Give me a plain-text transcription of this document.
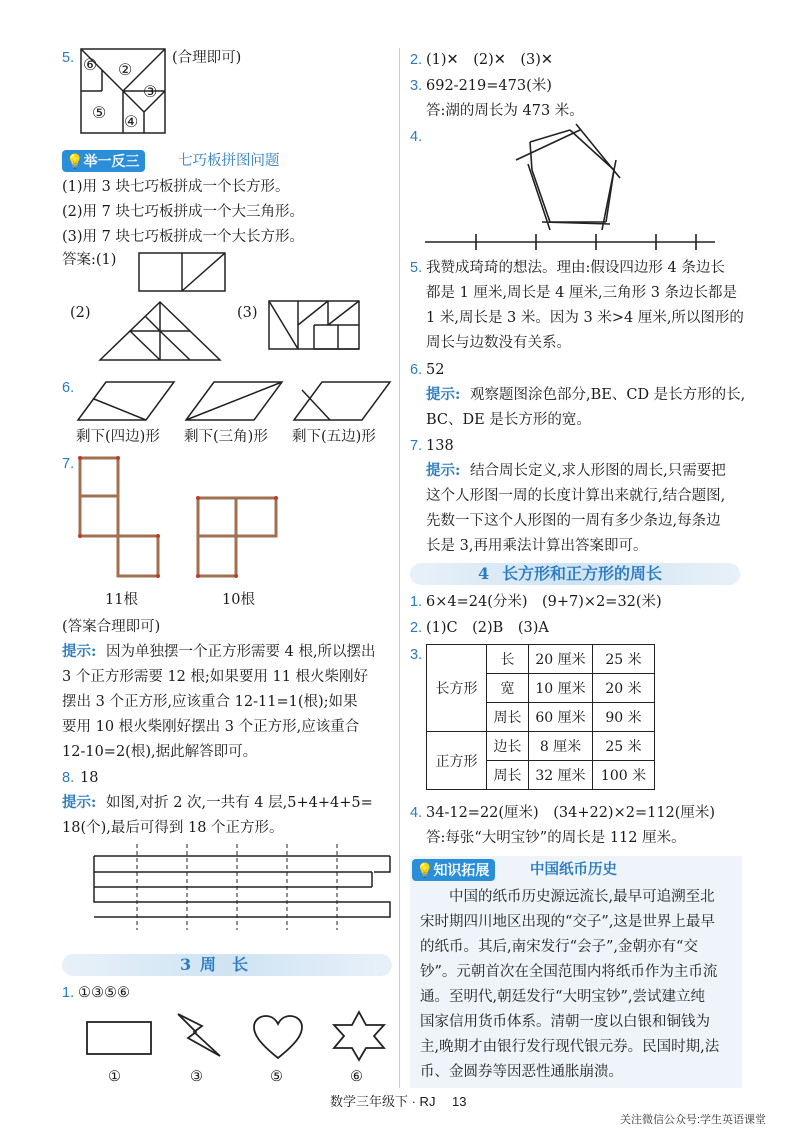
5. ⑥ ②
③
⑤ ④
(合理即可)
💡举一反三	七巧板拼图问题
(1)用 3 块七巧板拼成一个长方形。
(2)用 7 块七巧板拼成一个大三角形。
(3)用 7 块七巧板拼成一个大长方形。
答案:(1)
(2)	(3)
6.
剩下(四边)形 剩下(三角)形 剩下(五边)形
7.
11根	10根
(答案合理即可)
提示: 因为单独摆一个正方形需要 4 根,所以摆出
3 个正方形需要 12 根;如果要用 11 根火柴刚好
摆出 3 个正方形,应该重合 12-11=1(根);如果
要用 10 根火柴刚好摆出 3 个正方形,应该重合
12-10=2(根),据此解答即可。
8. 18
提示: 如图,对折 2 次,一共有 4 层,5+4+4+5=
18(个),最后可得到 18 个正方形。
3 周　长
1. ①③⑤⑥
①	③	⑤	⑥
2. (1)✕　(2)✕　(3)✕
3. 692-219=473(米)
答:湖的周长为 473 米。
4.
5. 我赞成琦琦的想法。理由:假设四边形 4 条边长
都是 1 厘米,周长是 4 厘米,三角形 3 条边长都是
1 米,周长是 3 米。因为 3 米>4 厘米,所以图形的
周长与边数没有关系。
6. 52
提示: 观察题图涂色部分,BE、CD 是长方形的长,
BC、DE 是长方形的宽。
7. 138
提示: 结合周长定义,求人形图的周长,只需要把
这个人形图一周的长度计算出来就行,结合题图,
先数一下这个人形图的一周有多少条边,每条边
长是 3,再用乘法计算出答案即可。
4 长方形和正方形的周长
1. 6×4=24(分米)　(9+7)×2=32(米)
2. (1)C　(2)B　(3)A
3.
长方形	长	20 厘米	25 米
	宽	10 厘米	20 米
	周长	60 厘米	90 米
正方形	边长	8 厘米	25 米
	周长	32 厘米	100 米
4. 34-12=22(厘米)　(34+22)×2=112(厘米)
答:每张“大明宝钞”的周长是 112 厘米。
💡知识拓展	中国纸币历史
　　中国的纸币历史源远流长,最早可追溯至北
宋时期四川地区出现的“交子”,这是世界上最早
的纸币。其后,南宋发行“会子”,金朝亦有“交
钞”。元朝首次在全国范围内将纸币作为主币流
通。至明代,朝廷发行“大明宝钞”,尝试建立纯
国家信用货币体系。清朝一度以白银和铜钱为
主,晚期才由银行发行现代银元券。民国时期,法
币、金圆券等因恶性通胀崩溃。
数学三年级下 · RJ 13
关注微信公众号:学生英语课堂
